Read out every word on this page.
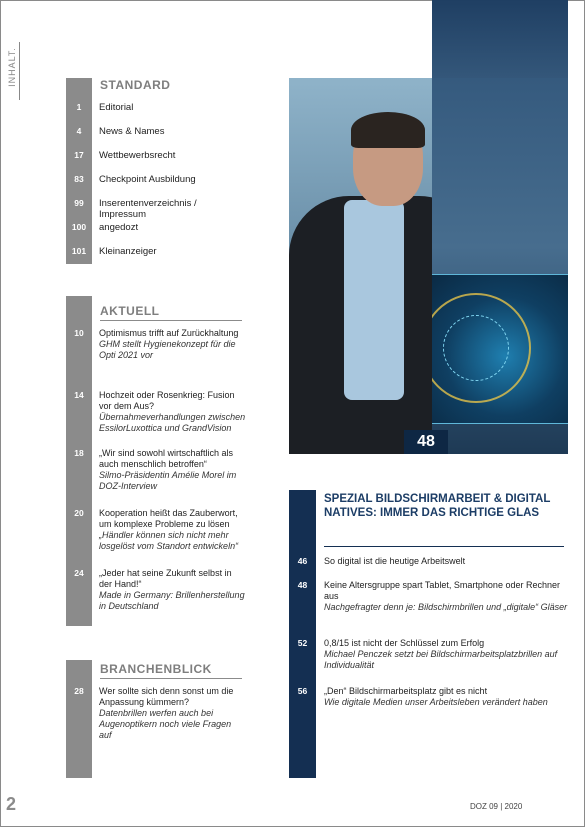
INHALT.	STANDARD
1	Editorial
4	News & Names
17	Wettbewerbsrecht
83	Checkpoint Ausbildung
99	Inserentenverzeichnis / Impressum
100	angedozt
101	Kleinanzeiger
AKTUELL
10	Optimismus trifft auf Zurückhaltung
GHM stellt Hygienekonzept für die Opti 2021 vor
14	Hochzeit oder Rosenkrieg: Fusion vor dem Aus?
Übernahmeverhandlungen zwischen EssilorLuxottica und GrandVision
18	„Wir sind sowohl wirtschaftlich als auch menschlich betroffen“
Silmo-Präsidentin Amélie Morel im DOZ-Interview
20	Kooperation heißt das Zauberwort, um komplexe Probleme zu lösen
„Händler können sich nicht mehr losgelöst vom Standort entwickeln“
24	„Jeder hat seine Zukunft selbst in der Hand!“
Made in Germany: Brillenherstellung in Deutschland
BRANCHENBLICK
28	Wer sollte sich denn sonst um die Anpassung kümmern?
Datenbrillen werfen auch bei Augenoptikern noch viele Fragen auf
48
SPEZIAL BILDSCHIRMARBEIT & DIGITAL NATIVES: IMMER DAS RICHTIGE GLAS
46	So digital ist die heutige Arbeitswelt
48	Keine Altersgruppe spart Tablet, Smartphone oder Rechner aus
Nachgefragter denn je: Bildschirmbrillen und „digitale“ Gläser
52	0,8/15 ist nicht der Schlüssel zum Erfolg
Michael Penczek setzt bei Bildschirmarbeitsplatzbrillen auf Individualität
56	„Den“ Bildschirmarbeitsplatz gibt es nicht
Wie digitale Medien unser Arbeitsleben verändert haben
2	DOZ 09 | 2020
